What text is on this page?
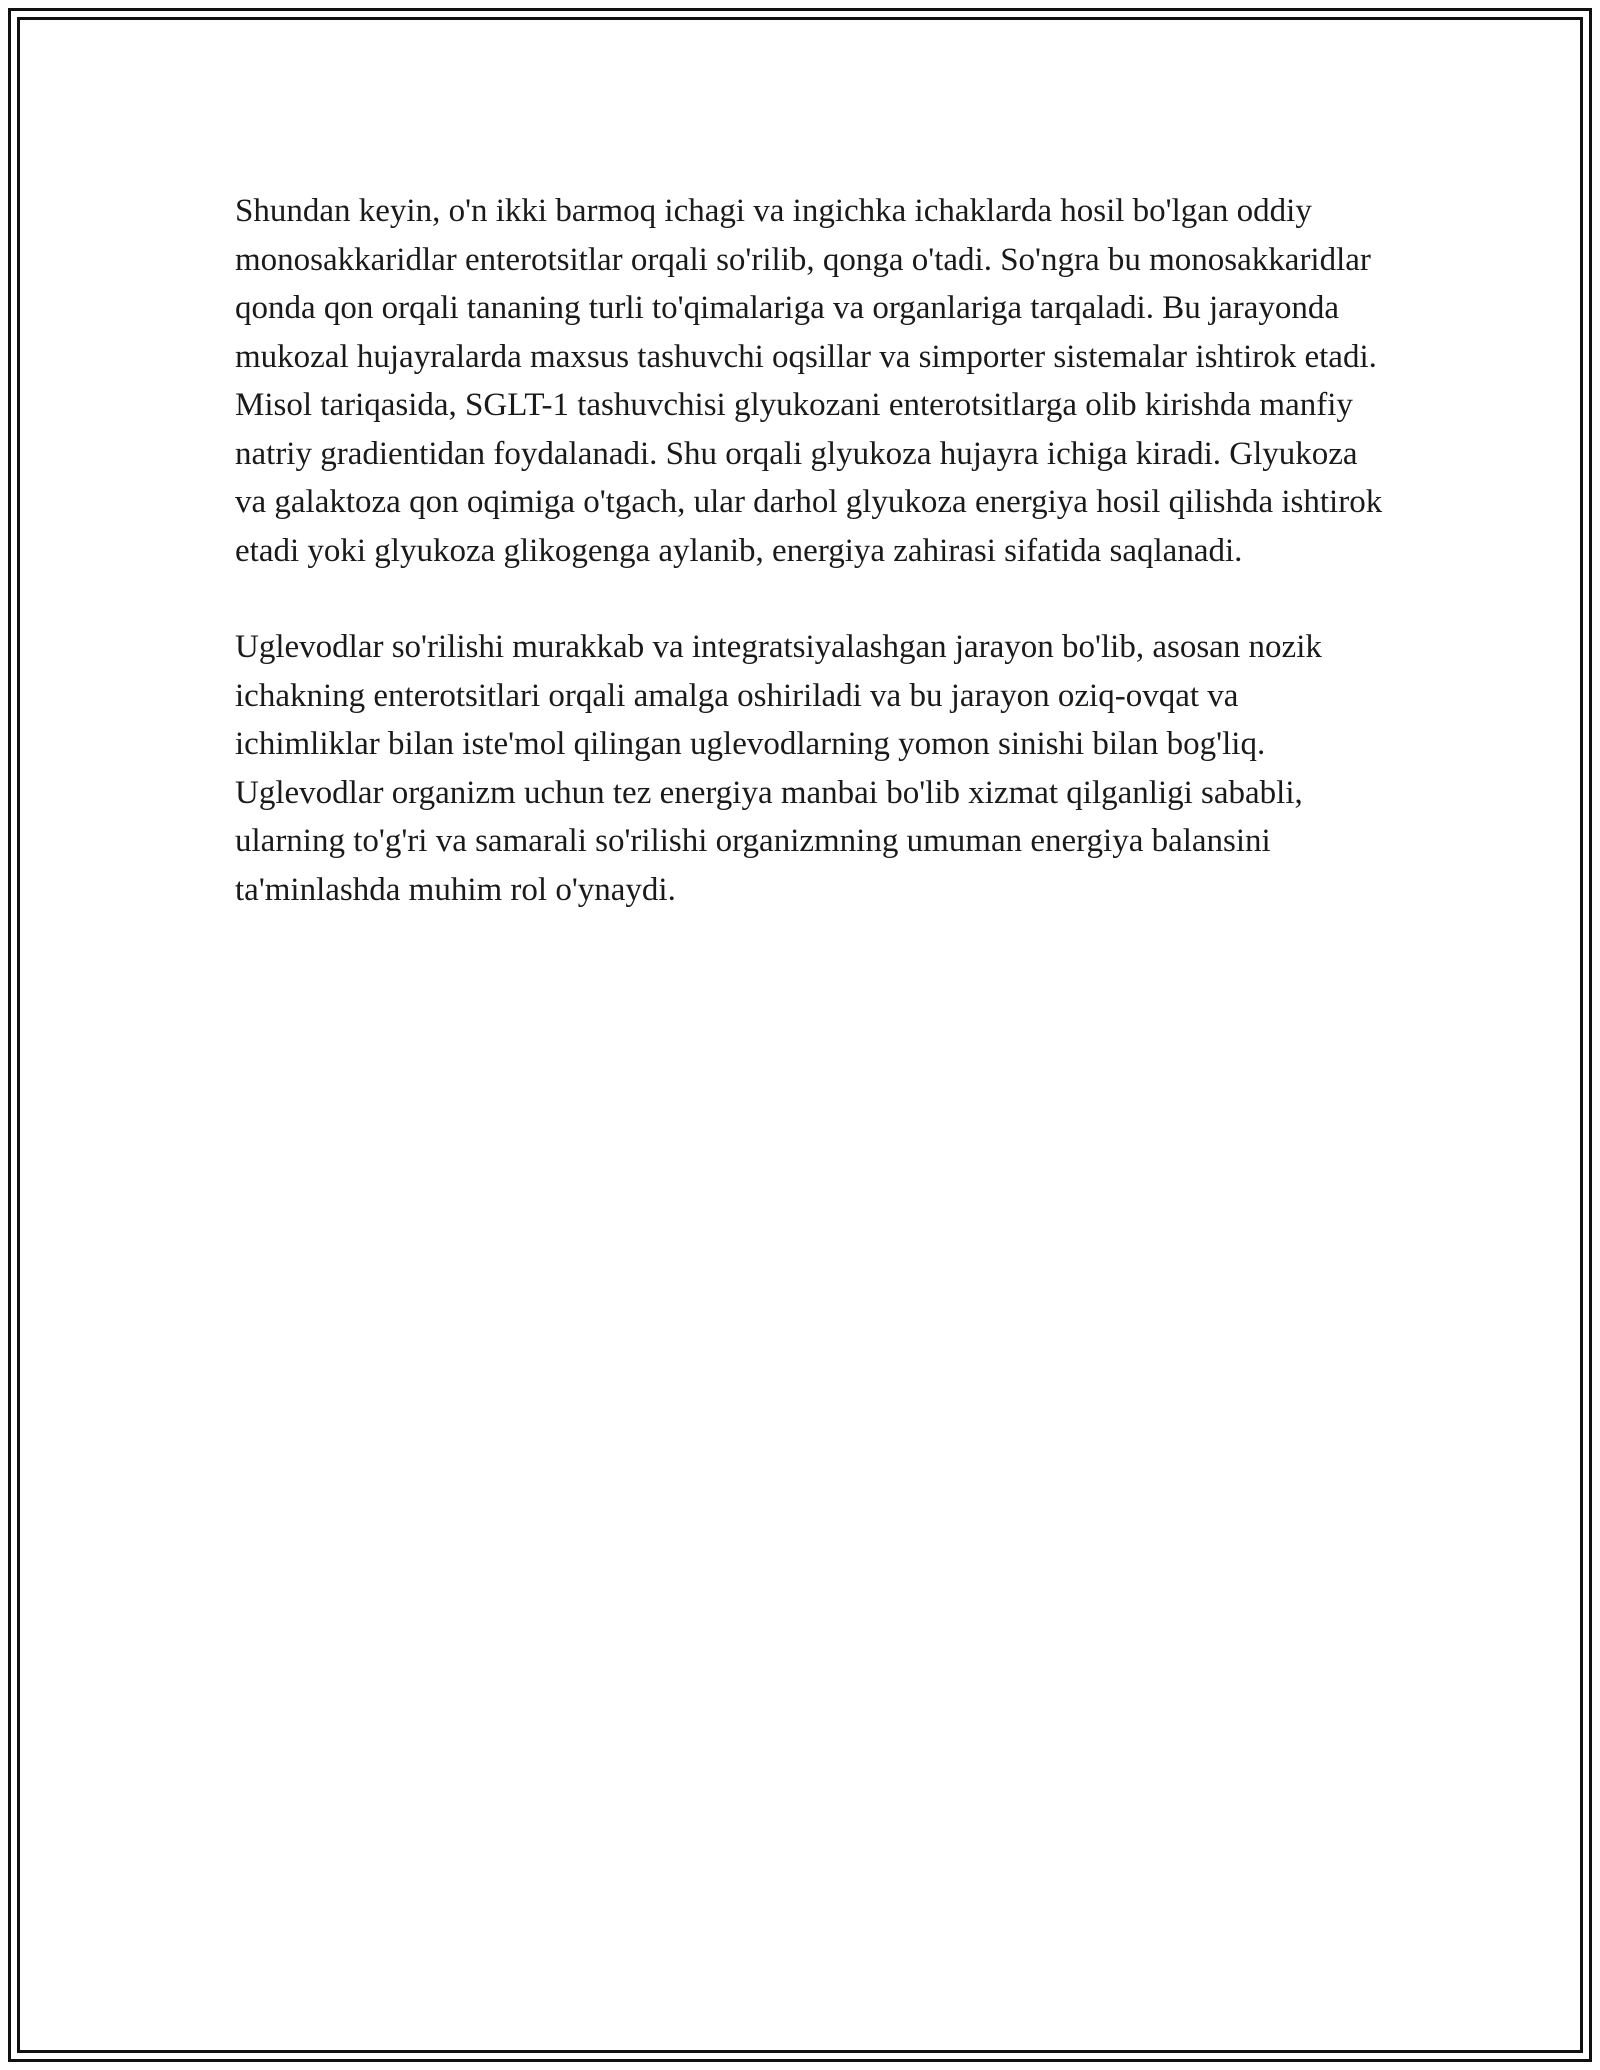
Shundan keyin, o'n ikki barmoq ichagi va ingichka ichaklarda hosil bo'lgan oddiy monosakkaridlar enterotsitlar orqali so'rilib, qonga o'tadi. So'ngra bu monosakkaridlar qonda qon orqali tananing turli to'qimalariga va organlariga tarqaladi. Bu jarayonda mukozal hujayralarda maxsus tashuvchi oqsillar va simporter sistemalar ishtirok etadi. Misol tariqasida, SGLT-1 tashuvchisi glyukozani enterotsitlarga olib kirishda manfiy natriy gradientidan foydalanadi. Shu orqali glyukoza hujayra ichiga kiradi. Glyukoza va galaktoza qon oqimiga o'tgach, ular darhol glyukoza energiya hosil qilishda ishtirok etadi yoki glyukoza glikogenga aylanib, energiya zahirasi sifatida saqlanadi.

Uglevodlar so'rilishi murakkab va integratsiyalashgan jarayon bo'lib, asosan nozik ichakning enterotsitlari orqali amalga oshiriladi va bu jarayon oziq-ovqat va ichimliklar bilan iste'mol qilingan uglevodlarning yomon sinishi bilan bog'liq. Uglevodlar organizm uchun tez energiya manbai bo'lib xizmat qilganligi sababli, ularning to'g'ri va samarali so'rilishi organizmning umuman energiya balansini ta'minlashda muhim rol o'ynaydi.
